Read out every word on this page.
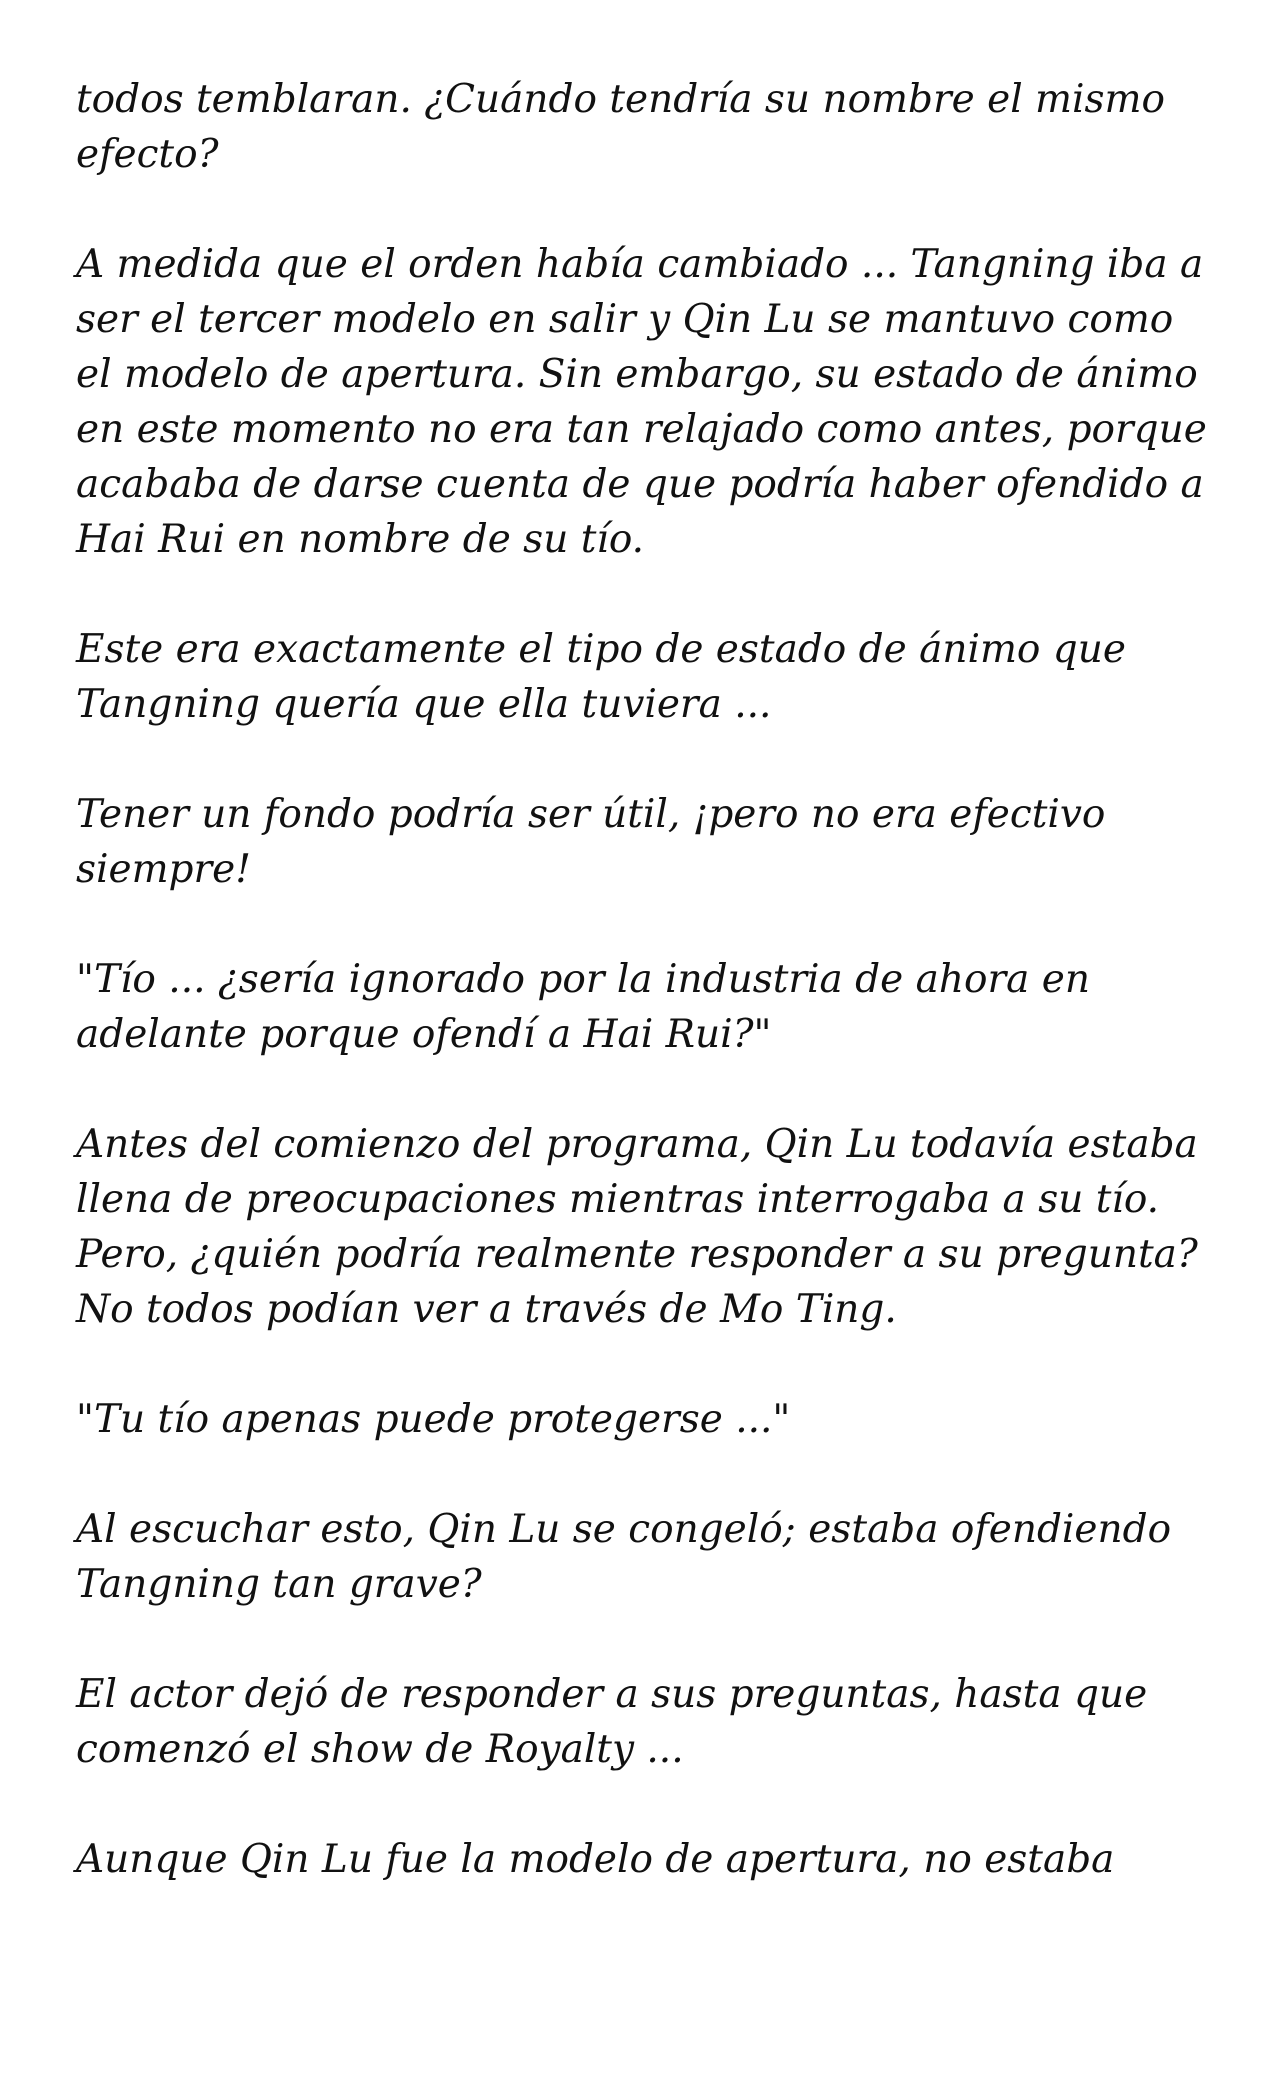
todos temblaran. ¿Cuándo tendría su nombre el mismo efecto?

A medida que el orden había cambiado ... Tangning iba a ser el tercer modelo en salir y Qin Lu se mantuvo como el modelo de apertura. Sin embargo, su estado de ánimo en este momento no era tan relajado como antes, porque acababa de darse cuenta de que podría haber ofendido a Hai Rui en nombre de su tío.

Este era exactamente el tipo de estado de ánimo que Tangning quería que ella tuviera ...

Tener un fondo podría ser útil, ¡pero no era efectivo siempre!

"Tío ... ¿sería ignorado por la industria de ahora en adelante porque ofendí a Hai Rui?"

Antes del comienzo del programa, Qin Lu todavía estaba llena de preocupaciones mientras interrogaba a su tío. Pero, ¿quién podría realmente responder a su pregunta? No todos podían ver a través de Mo Ting.

"Tu tío apenas puede protegerse ..."

Al escuchar esto, Qin Lu se congeló; estaba ofendiendo Tangning tan grave?

El actor dejó de responder a sus preguntas, hasta que comenzó el show de Royalty ...

Aunque Qin Lu fue la modelo de apertura, no estaba
